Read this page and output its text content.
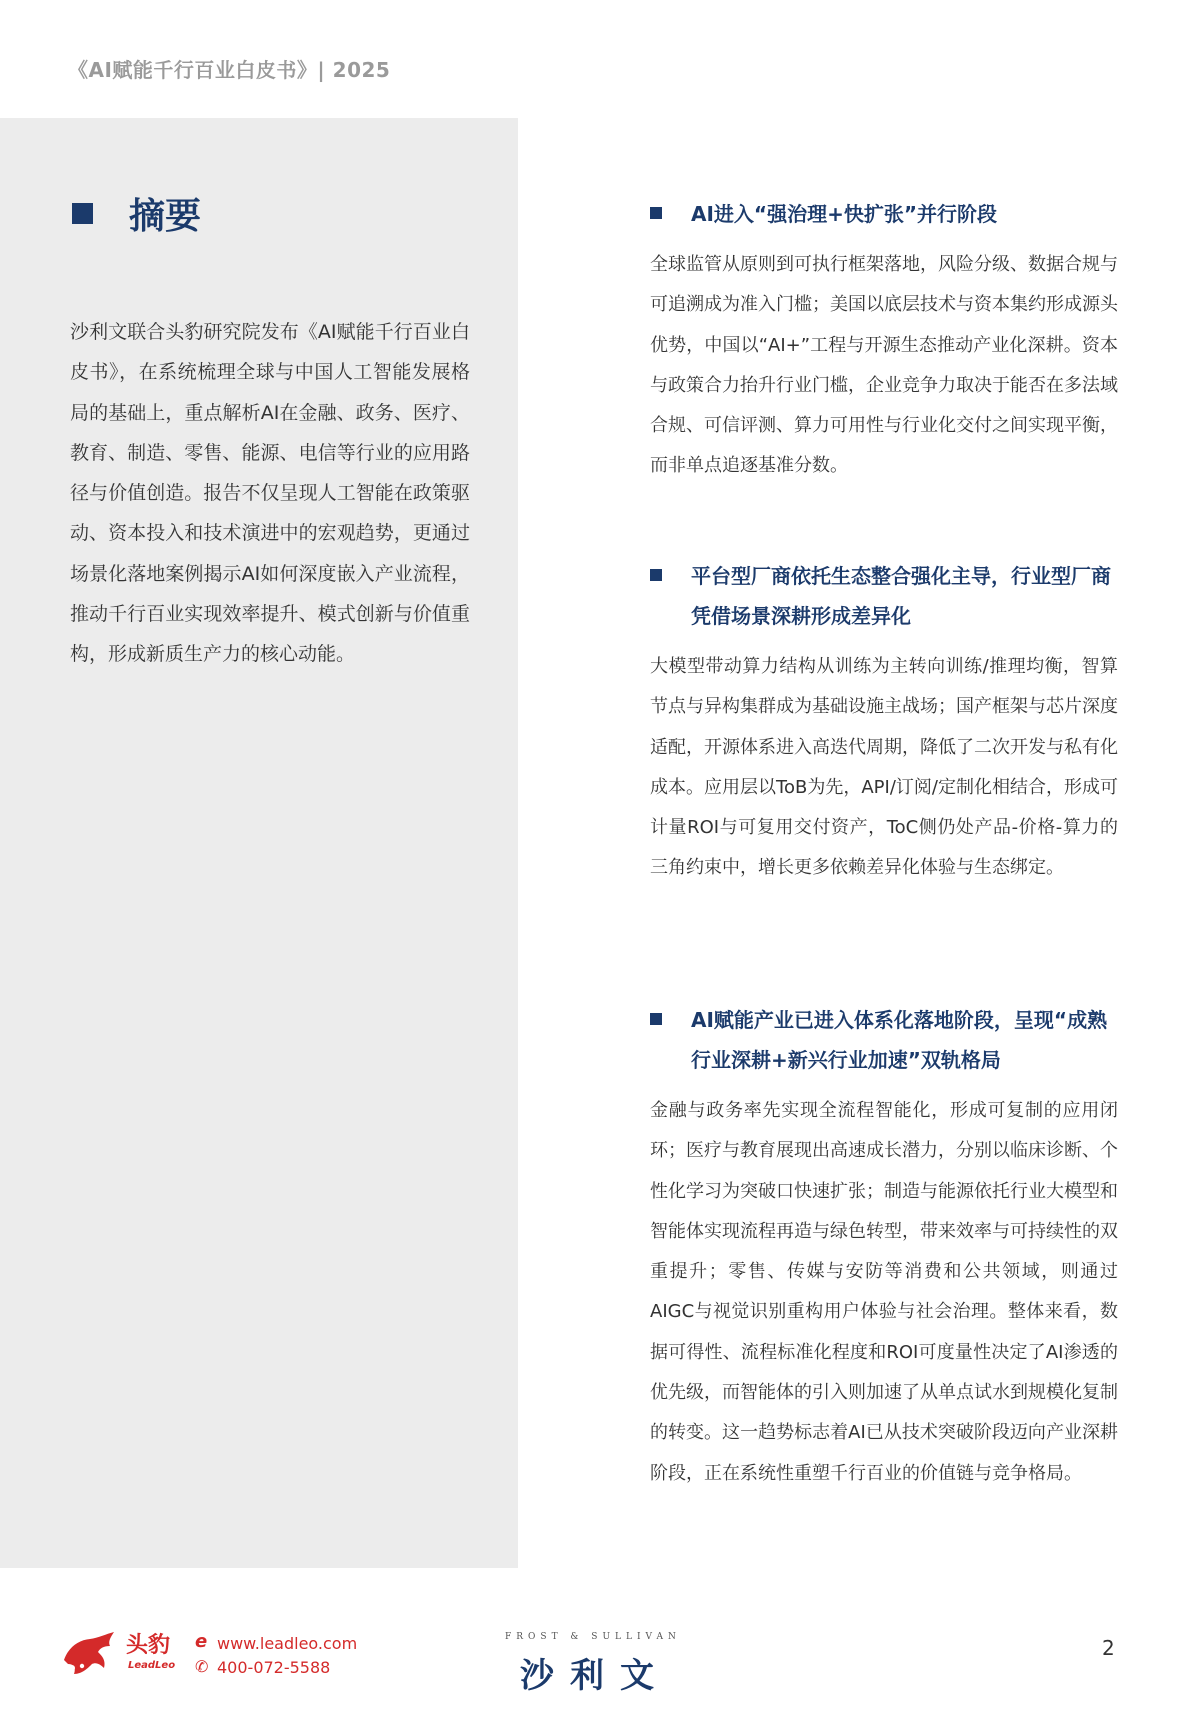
《AI赋能千行百业白皮书》| 2025
摘要
沙利文联合头豹研究院发布《AI赋能千行百业白皮书》，在系统梳理全球与中国人工智能发展格局的基础上，重点解析AI在金融、政务、医疗、教育、制造、零售、能源、电信等行业的应用路径与价值创造。报告不仅呈现人工智能在政策驱动、资本投入和技术演进中的宏观趋势，更通过场景化落地案例揭示AI如何深度嵌入产业流程，推动千行百业实现效率提升、模式创新与价值重构，形成新质生产力的核心动能。
AI进入“强治理+快扩张”并行阶段
全球监管从原则到可执行框架落地，风险分级、数据合规与可追溯成为准入门槛；美国以底层技术与资本集约形成源头优势，中国以“AI+”工程与开源生态推动产业化深耕。资本与政策合力抬升行业门槛，企业竞争力取决于能否在多法域合规、可信评测、算力可用性与行业化交付之间实现平衡，而非单点追逐基准分数。
平台型厂商依托生态整合强化主导，行业型厂商凭借场景深耕形成差异化
大模型带动算力结构从训练为主转向训练/推理均衡，智算节点与异构集群成为基础设施主战场；国产框架与芯片深度适配，开源体系进入高迭代周期，降低了二次开发与私有化成本。应用层以ToB为先，API/订阅/定制化相结合，形成可计量ROI与可复用交付资产，ToC侧仍处产品-价格-算力的三角约束中，增长更多依赖差异化体验与生态绑定。
AI赋能产业已进入体系化落地阶段，呈现“成熟行业深耕+新兴行业加速”双轨格局
金融与政务率先实现全流程智能化，形成可复制的应用闭环；医疗与教育展现出高速成长潜力，分别以临床诊断、个性化学习为突破口快速扩张；制造与能源依托行业大模型和智能体实现流程再造与绿色转型，带来效率与可持续性的双重提升；零售、传媒与安防等消费和公共领域，则通过AIGC与视觉识别重构用户体验与社会治理。整体来看，数据可得性、流程标准化程度和ROI可度量性决定了AI渗透的优先级，而智能体的引入则加速了从单点试水到规模化复制的转变。这一趋势标志着AI已从技术突破阶段迈向产业深耕阶段，正在系统性重塑千行百业的价值链与竞争格局。
头豹
LeadLeo
e www.leadleo.com
✆ 400-072-5588
FROST & SULLIVAN
沙利文
2
